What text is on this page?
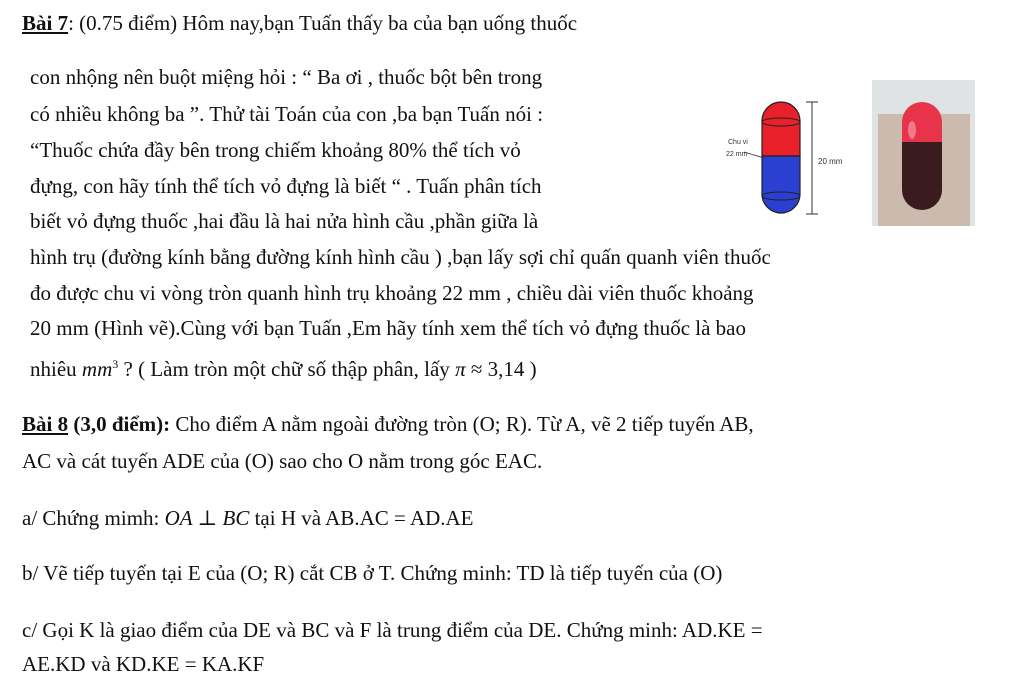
Bài 7: (0.75 điểm) Hôm nay,bạn Tuấn thấy ba của bạn uống thuốc
con nhộng nên buột miệng hỏi : “ Ba ơi , thuốc bột bên trong
có nhiều không ba ”. Thử tài Toán của con ,ba bạn Tuấn nói :
“Thuốc chứa đầy bên trong chiếm khoảng 80% thể tích vỏ
đựng, con hãy tính thể tích vỏ đựng là biết “ . Tuấn phân tích
biết vỏ đựng thuốc ,hai đầu là hai nửa hình cầu ,phần giữa là
hình trụ (đường kính bằng đường kính hình cầu ) ,bạn lấy sợi chỉ quấn quanh viên thuốc
đo được chu vi vòng tròn quanh hình trụ khoảng 22 mm , chiều dài viên thuốc khoảng
20 mm (Hình vẽ).Cùng với bạn Tuấn ,Em hãy tính xem thể tích vỏ đựng thuốc là bao
nhiêu $mm^3$ ? ( Làm tròn một chữ số thập phân, lấy π ≈ 3,14 )
Chu vi
22 mm
20 mm
Bài 8 (3,0 điểm): Cho điểm A nằm ngoài đường tròn (O; R). Từ A, vẽ 2 tiếp tuyến AB,
AC và cát tuyến ADE của (O) sao cho O nằm trong góc EAC.
a/ Chứng mimh: OA ⊥ BC tại H và AB.AC = AD.AE
b/ Vẽ tiếp tuyến tại E của (O; R) cắt CB ở T. Chứng minh: TD là tiếp tuyến của (O)
c/ Gọi K là giao điểm của DE và BC và F là trung điểm của DE. Chứng minh: AD.KE =
AE.KD và KD.KE = KA.KF
